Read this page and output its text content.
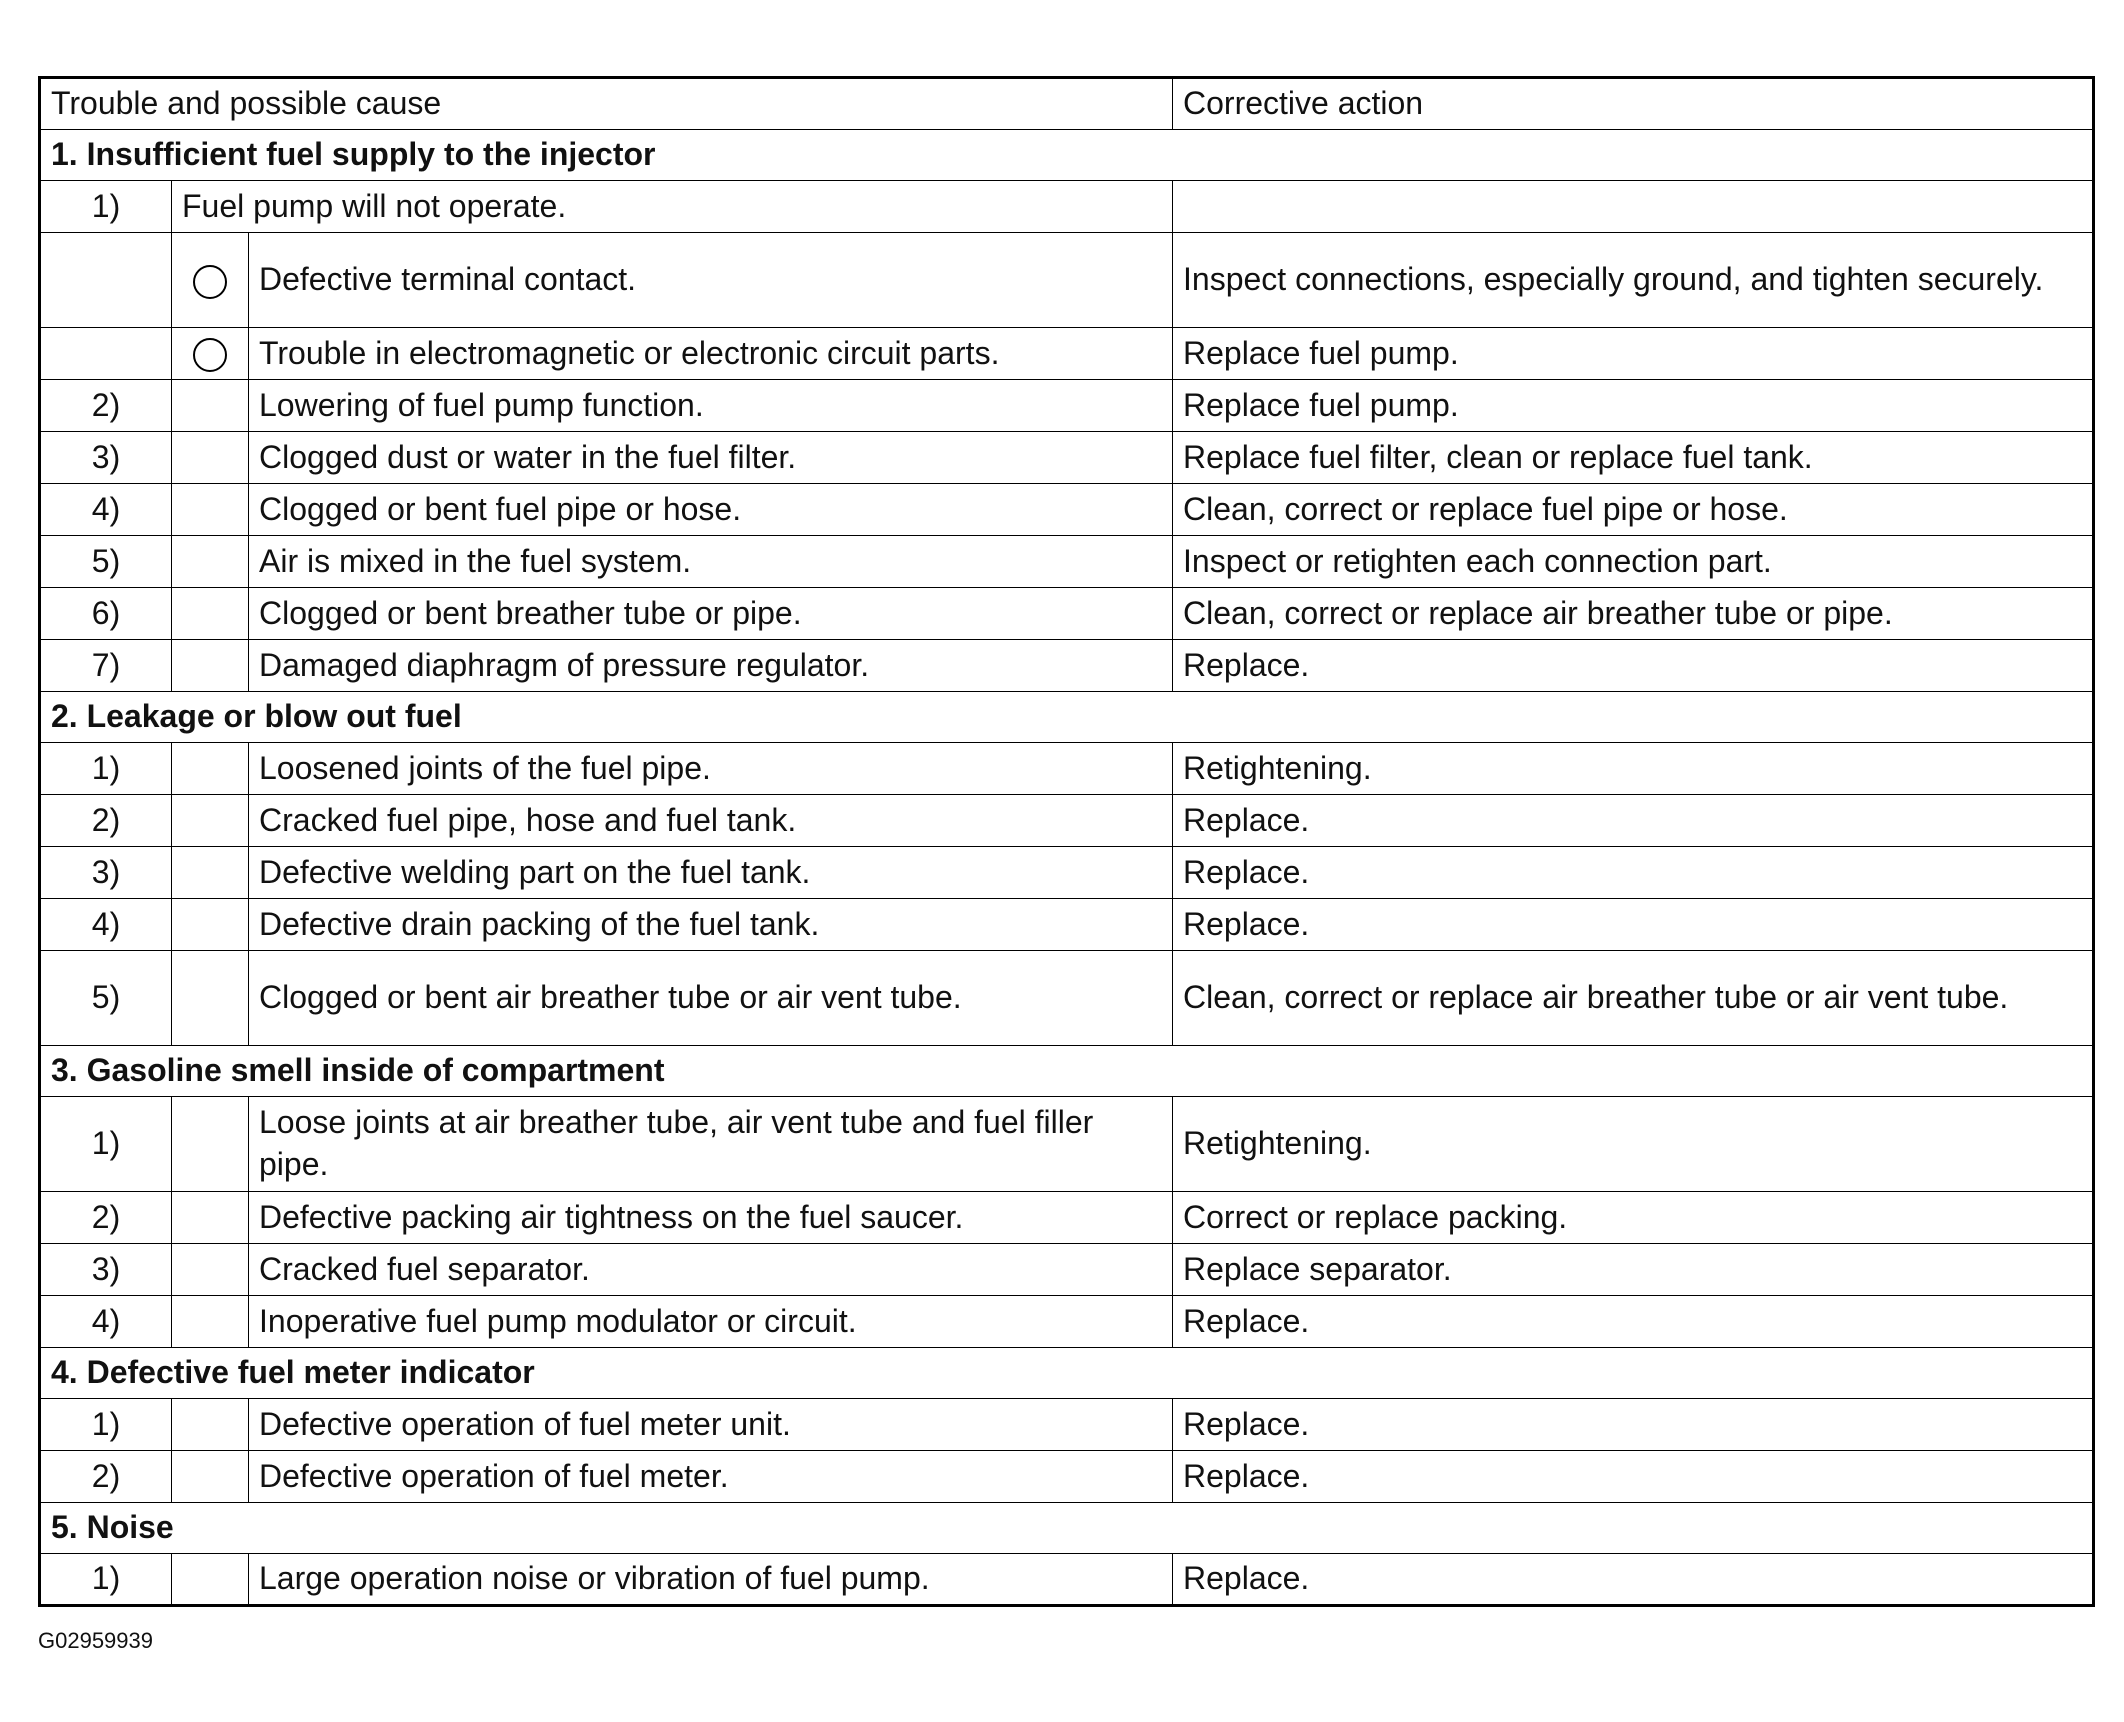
Trouble and possible cause			Corrective action
1. Insufficient fuel supply to the injector			
1)	Fuel pump will not operate.		
		Defective terminal contact.	Inspect connections, especially ground, and tighten securely.
		Trouble in electromagnetic or electronic circuit parts.	Replace fuel pump.
2)		Lowering of fuel pump function.	Replace fuel pump.
3)		Clogged dust or water in the fuel filter.	Replace fuel filter, clean or replace fuel tank.
4)		Clogged or bent fuel pipe or hose.	Clean, correct or replace fuel pipe or hose.
5)		Air is mixed in the fuel system.	Inspect or retighten each connection part.
6)		Clogged or bent breather tube or pipe.	Clean, correct or replace air breather tube or pipe.
7)		Damaged diaphragm of pressure regulator.	Replace.
2. Leakage or blow out fuel			
1)		Loosened joints of the fuel pipe.	Retightening.
2)		Cracked fuel pipe, hose and fuel tank.	Replace.
3)		Defective welding part on the fuel tank.	Replace.
4)		Defective drain packing of the fuel tank.	Replace.
5)		Clogged or bent air breather tube or air vent tube.	Clean, correct or replace air breather tube or air vent tube.
3. Gasoline smell inside of compartment			
1)		Loose joints at air breather tube, air vent tube and fuel filler pipe.	Retightening.
2)		Defective packing air tightness on the fuel saucer.	Correct or replace packing.
3)		Cracked fuel separator.	Replace separator.
4)		Inoperative fuel pump modulator or circuit.	Replace.
4. Defective fuel meter indicator			
1)		Defective operation of fuel meter unit.	Replace.
2)		Defective operation of fuel meter.	Replace.
5. Noise			
1)		Large operation noise or vibration of fuel pump.	Replace.
G02959939
